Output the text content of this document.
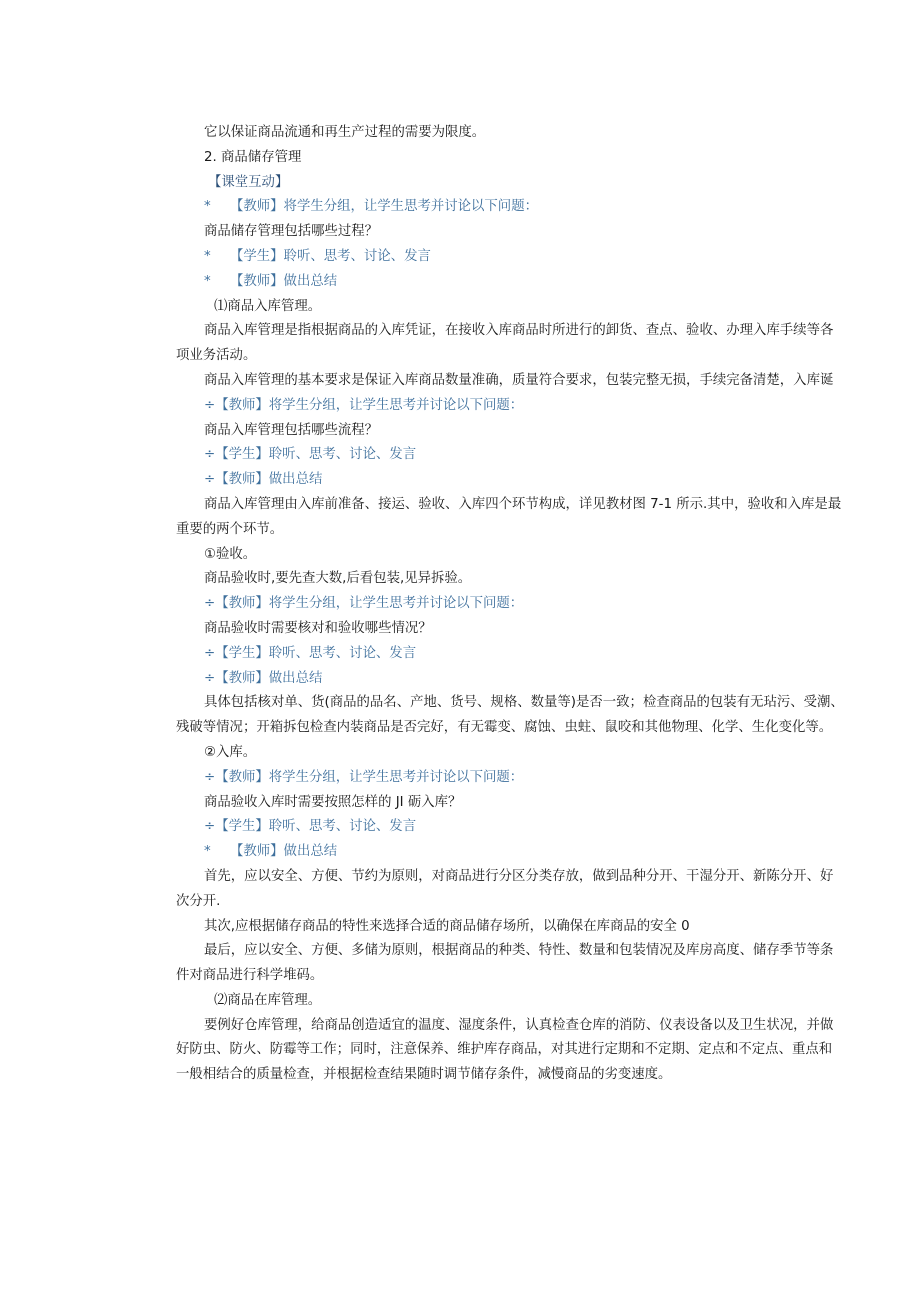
它以保证商品流通和再生产过程的需要为限度。

2. 商品储存管理

【课堂互动】

*	【教师】将学生分组，让学生思考并讨论以下问题：

商品储存管理包括哪些过程？

*	【学生】聆听、思考、讨论、发言
*	【教师】做出总结

⑴商品入库管理。

商品入库管理是指根据商品的入库凭证，在接收入库商品时所进行的卸货、查点、验收、办理入库手续等各项业务活动。

商品入库管理的基本要求是保证入库商品数量准确，质量符合要求，包装完整无损，手续完备清楚，入库诞

÷【教师】将学生分组，让学生思考并讨论以下问题：

商品入库管理包括哪些流程？

÷【学生】聆听、思考、讨论、发言

÷【教师】做出总结

商品入库管理由入库前准备、接运、验收、入库四个环节构成，详见教材图 7-1 所示.其中，验收和入库是最重要的两个环节。

①验收。

商品验收时,要先查大数,后看包装,见异拆验。

÷【教师】将学生分组，让学生思考并讨论以下问题：

商品验收时需要核对和验收哪些情况？

÷【学生】聆听、思考、讨论、发言

÷【教师】做出总结

具体包括核对单、货(商品的品名、产地、货号、规格、数量等)是否一致；检查商品的包装有无玷污、受潮、残破等情况；开箱拆包检查内装商品是否完好，有无霉变、腐蚀、虫蛀、鼠咬和其他物理、化学、生化变化等。

②入库。

÷【教师】将学生分组，让学生思考并讨论以下问题：

商品验收入库时需要按照怎样的 JI 砺入库？

÷【学生】聆听、思考、讨论、发言

*	【教师】做出总结

首先，应以安全、方便、节约为原则，对商品进行分区分类存放，做到品种分开、干湿分开、新陈分开、好次分开.

其次,应根据储存商品的特性来选择合适的商品储存场所，以确保在库商品的安全 0

最后，应以安全、方便、多储为原则，根据商品的种类、特性、数量和包装情况及库房高度、储存季节等条件对商品进行科学堆码。

⑵商品在库管理。

要例好仓库管理，给商品创造适宜的温度、湿度条件，认真检查仓库的消防、仪表设备以及卫生状况，并做好防虫、防火、防霉等工作；同时，注意保养、维护库存商品，对其进行定期和不定期、定点和不定点、重点和一般相结合的质量检查，并根据检查结果随时调节储存条件，减慢商品的劣变速度。
